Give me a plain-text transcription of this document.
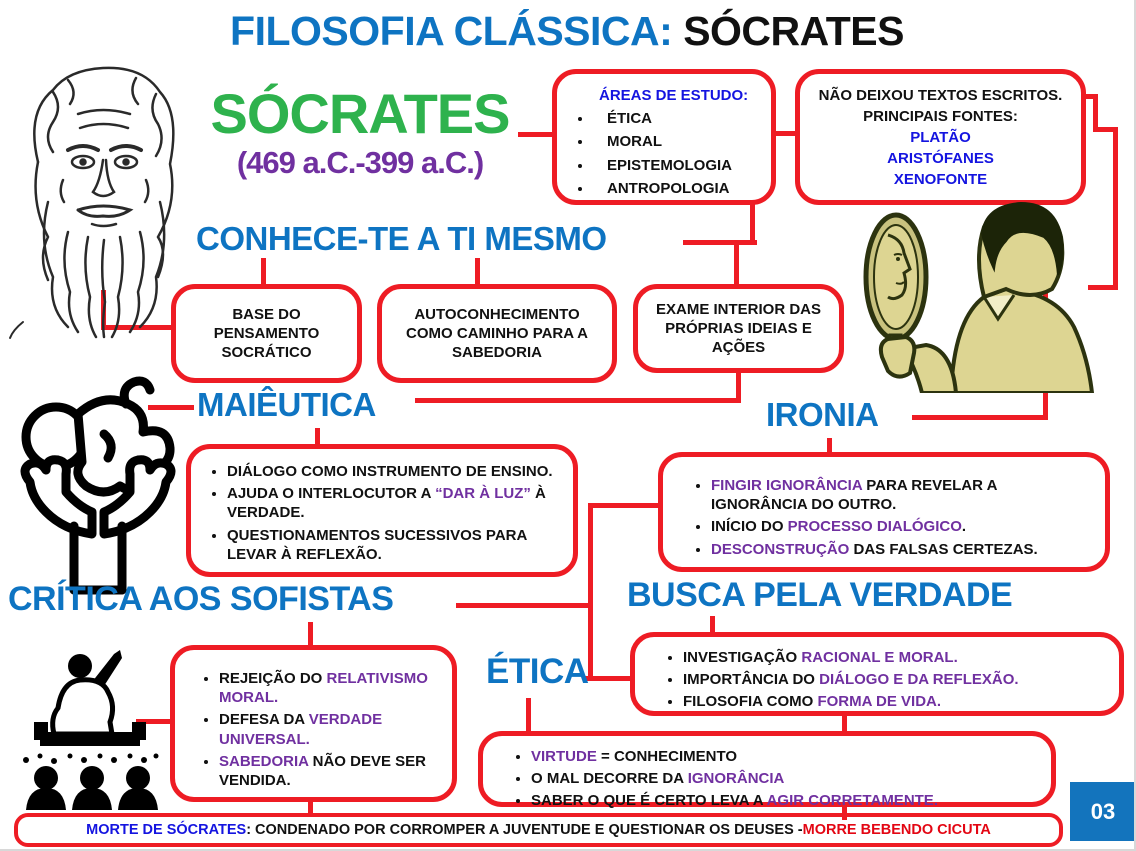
FILOSOFIA CLÁSSICA: SÓCRATES
SÓCRATES
(469 a.C.-399 a.C.)
ÁREAS DE ESTUDO:
• ÉTICA
• MORAL
• EPISTEMOLOGIA
• ANTROPOLOGIA
NÃO DEIXOU TEXTOS ESCRITOS.
PRINCIPAIS FONTES:
PLATÃO
ARISTÓFANES
XENOFONTE
CONHECE-TE A TI MESMO
BASE DO PENSAMENTO SOCRÁTICO
AUTOCONHECIMENTO COMO CAMINHO PARA A SABEDORIA
EXAME INTERIOR DAS PRÓPRIAS IDEIAS E AÇÕES
MAIÊUTICA
• DIÁLOGO COMO INSTRUMENTO DE ENSINO.
• AJUDA O INTERLOCUTOR A “DAR À LUZ” À VERDADE.
• QUESTIONAMENTOS SUCESSIVOS PARA LEVAR À REFLEXÃO.
IRONIA
• FINGIR IGNORÂNCIA PARA REVELAR A IGNORÂNCIA DO OUTRO.
• INÍCIO DO PROCESSO DIALÓGICO.
• DESCONSTRUÇÃO DAS FALSAS CERTEZAS.
CRÍTICA AOS SOFISTAS
• REJEIÇÃO DO RELATIVISMO MORAL.
• DEFESA DA VERDADE UNIVERSAL.
• SABEDORIA NÃO DEVE SER VENDIDA.
BUSCA PELA VERDADE
• INVESTIGAÇÃO RACIONAL E MORAL.
• IMPORTÂNCIA DO DIÁLOGO E DA REFLEXÃO.
• FILOSOFIA COMO FORMA DE VIDA.
ÉTICA
• VIRTUDE = CONHECIMENTO
• O MAL DECORRE DA IGNORÂNCIA
• SABER O QUE É CERTO LEVA A AGIR CORRETAMENTE.
MORTE DE SÓCRATES : CONDENADO POR CORROMPER A JUVENTUDE E QUESTIONAR OS DEUSES - MORRE BEBENDO CICUTA
03
